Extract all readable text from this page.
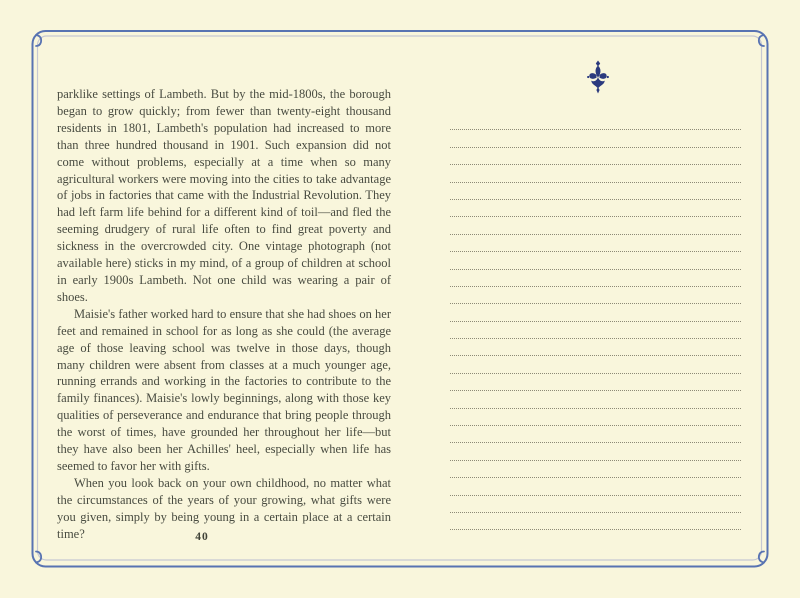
parklike settings of Lambeth. But by the mid-1800s, the borough began to grow quickly; from fewer than twenty-eight thousand residents in 1801, Lambeth's population had increased to more than three hundred thousand in 1901. Such expansion did not come without problems, especially at a time when so many agricultural workers were moving into the cities to take advantage of jobs in factories that came with the Industrial Revolution. They had left farm life behind for a different kind of toil—and fled the seeming drudgery of rural life often to find great poverty and sickness in the overcrowded city. One vintage photograph (not available here) sticks in my mind, of a group of children at school in early 1900s Lambeth. Not one child was wearing a pair of shoes.

Maisie's father worked hard to ensure that she had shoes on her feet and remained in school for as long as she could (the average age of those leaving school was twelve in those days, though many children were absent from classes at a much younger age, running errands and working in the factories to contribute to the family finances). Maisie's lowly beginnings, along with those key qualities of perseverance and endurance that bring people through the worst of times, have grounded her throughout her life—but they have also been her Achilles' heel, especially when life has seemed to favor her with gifts.

When you look back on your own childhood, no matter what the circumstances of the years of your growing, what gifts were you given, simply by being young in a certain place at a certain time?	40
